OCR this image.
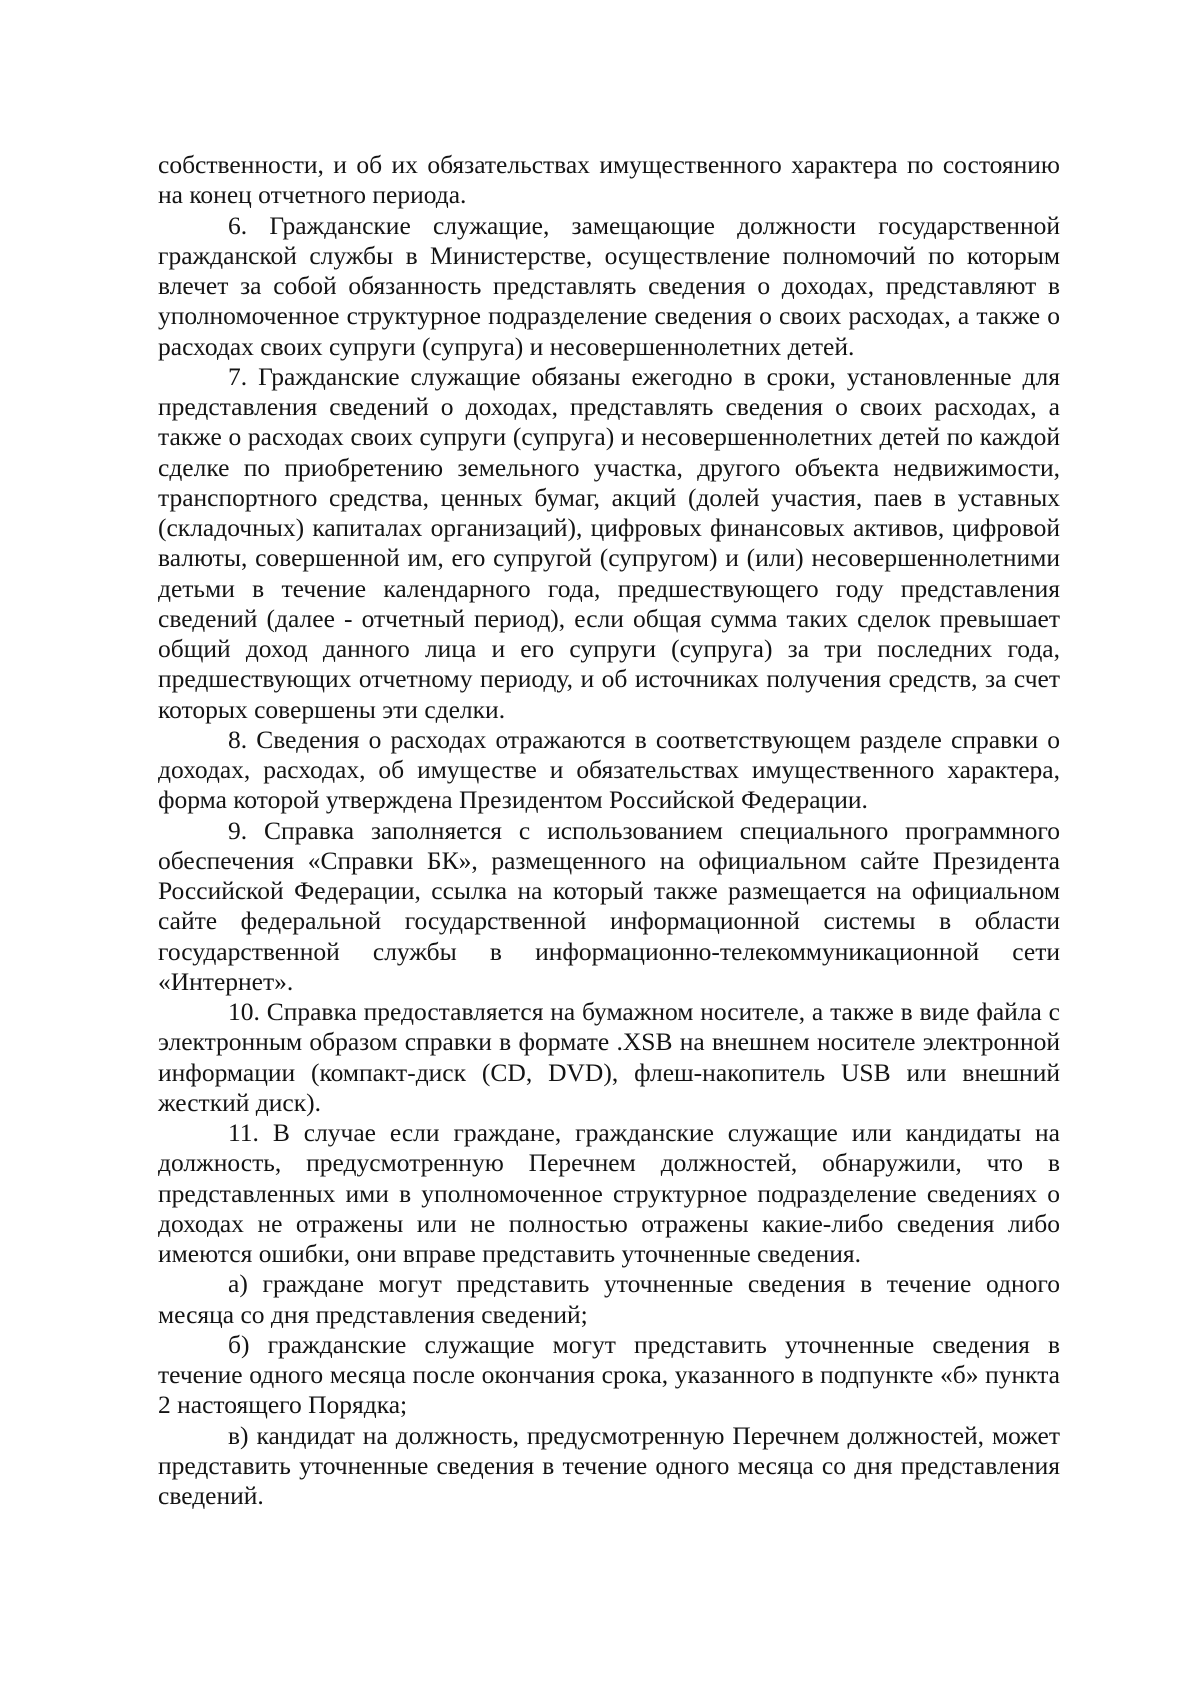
собственности, и об их обязательствах имущественного характера по состоянию на конец отчетного периода.

6. Гражданские служащие, замещающие должности государственной гражданской службы в Министерстве, осуществление полномочий по которым влечет за собой обязанность представлять сведения о доходах, представляют в уполномоченное структурное подразделение сведения о своих расходах, а также о расходах своих супруги (супруга) и несовершеннолетних детей.

7. Гражданские служащие обязаны ежегодно в сроки, установленные для представления сведений о доходах, представлять сведения о своих расходах, а также о расходах своих супруги (супруга) и несовершеннолетних детей по каждой сделке по приобретению земельного участка, другого объекта недвижимости, транспортного средства, ценных бумаг, акций (долей участия, паев в уставных (складочных) капиталах организаций), цифровых финансовых активов, цифровой валюты, совершенной им, его супругой (супругом) и (или) несовершеннолетними детьми в течение календарного года, предшествующего году представления сведений (далее - отчетный период), если общая сумма таких сделок превышает общий доход данного лица и его супруги (супруга) за три последних года, предшествующих отчетному периоду, и об источниках получения средств, за счет которых совершены эти сделки.

8. Сведения о расходах отражаются в соответствующем разделе справки о доходах, расходах, об имуществе и обязательствах имущественного характера, форма которой утверждена Президентом Российской Федерации.

9. Справка заполняется с использованием специального программного обеспечения «Справки БК», размещенного на официальном сайте Президента Российской Федерации, ссылка на который также размещается на официальном сайте федеральной государственной информационной системы в области государственной службы в информационно-телекоммуникационной сети «Интернет».

10. Справка предоставляется на бумажном носителе, а также в виде файла с электронным образом справки в формате .XSB на внешнем носителе электронной информации (компакт-диск (CD, DVD), флеш-накопитель USB или внешний жесткий диск).

11. В случае если граждане, гражданские служащие или кандидаты на должность, предусмотренную Перечнем должностей, обнаружили, что в представленных ими в уполномоченное структурное подразделение сведениях о доходах не отражены или не полностью отражены какие-либо сведения либо имеются ошибки, они вправе представить уточненные сведения.

а) граждане могут представить уточненные сведения в течение одного месяца со дня представления сведений;

б) гражданские служащие могут представить уточненные сведения в течение одного месяца после окончания срока, указанного в подпункте «б» пункта 2 настоящего Порядка;

в) кандидат на должность, предусмотренную Перечнем должностей, может представить уточненные сведения в течение одного месяца со дня представления сведений.
